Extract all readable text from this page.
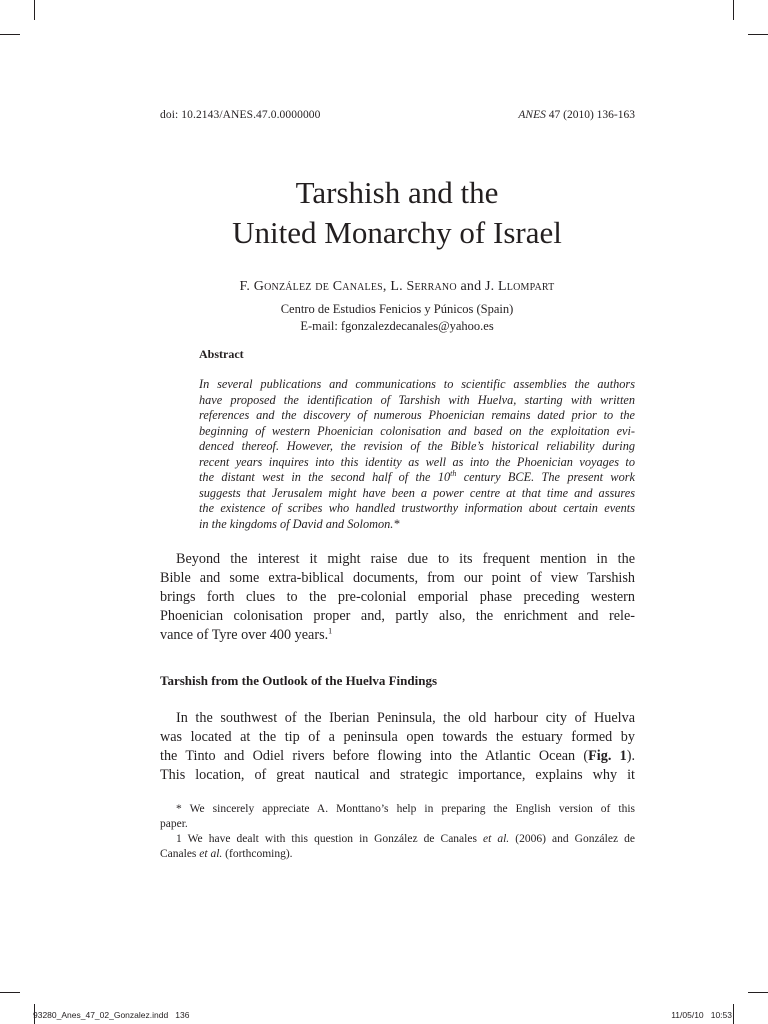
doi: 10.2143/ANES.47.0.0000000	ANES 47 (2010) 136-163
Tarshish and the
United Monarchy of Israel
F. González de Canales, L. Serrano and J. Llompart
Centro de Estudios Fenicios y Púnicos (Spain)
E-mail: fgonzalezdecanales@yahoo.es
Abstract
In several publications and communications to scientific assemblies the authors
have proposed the identification of Tarshish with Huelva, starting with written
references and the discovery of numerous Phoenician remains dated prior to the
beginning of western Phoenician colonisation and based on the exploitation evi-
denced thereof. However, the revision of the Bible’s historical reliability during
recent years inquires into this identity as well as into the Phoenician voyages to
the distant west in the second half of the 10th century BCE. The present work
suggests that Jerusalem might have been a power centre at that time and assures
the existence of scribes who handled trustworthy information about certain events
in the kingdoms of David and Solomon.*
Beyond the interest it might raise due to its frequent mention in the
Bible and some extra-biblical documents, from our point of view Tarshish
brings forth clues to the pre-colonial emporial phase preceding western
Phoenician colonisation proper and, partly also, the enrichment and rele-
vance of Tyre over 400 years.$^1$
Tarshish from the Outlook of the Huelva Findings
In the southwest of the Iberian Peninsula, the old harbour city of Huelva
was located at the tip of a peninsula open towards the estuary formed by
the Tinto and Odiel rivers before flowing into the Atlantic Ocean (Fig. 1).
This location, of great nautical and strategic importance, explains why it
* We sincerely appreciate A. Monttano’s help in preparing the English version of this
paper.
1 We have dealt with this question in González de Canales et al. (2006) and González de
Canales et al. (forthcoming).
93280_Anes_47_02_Gonzalez.indd   136	11/05/10   10:53
